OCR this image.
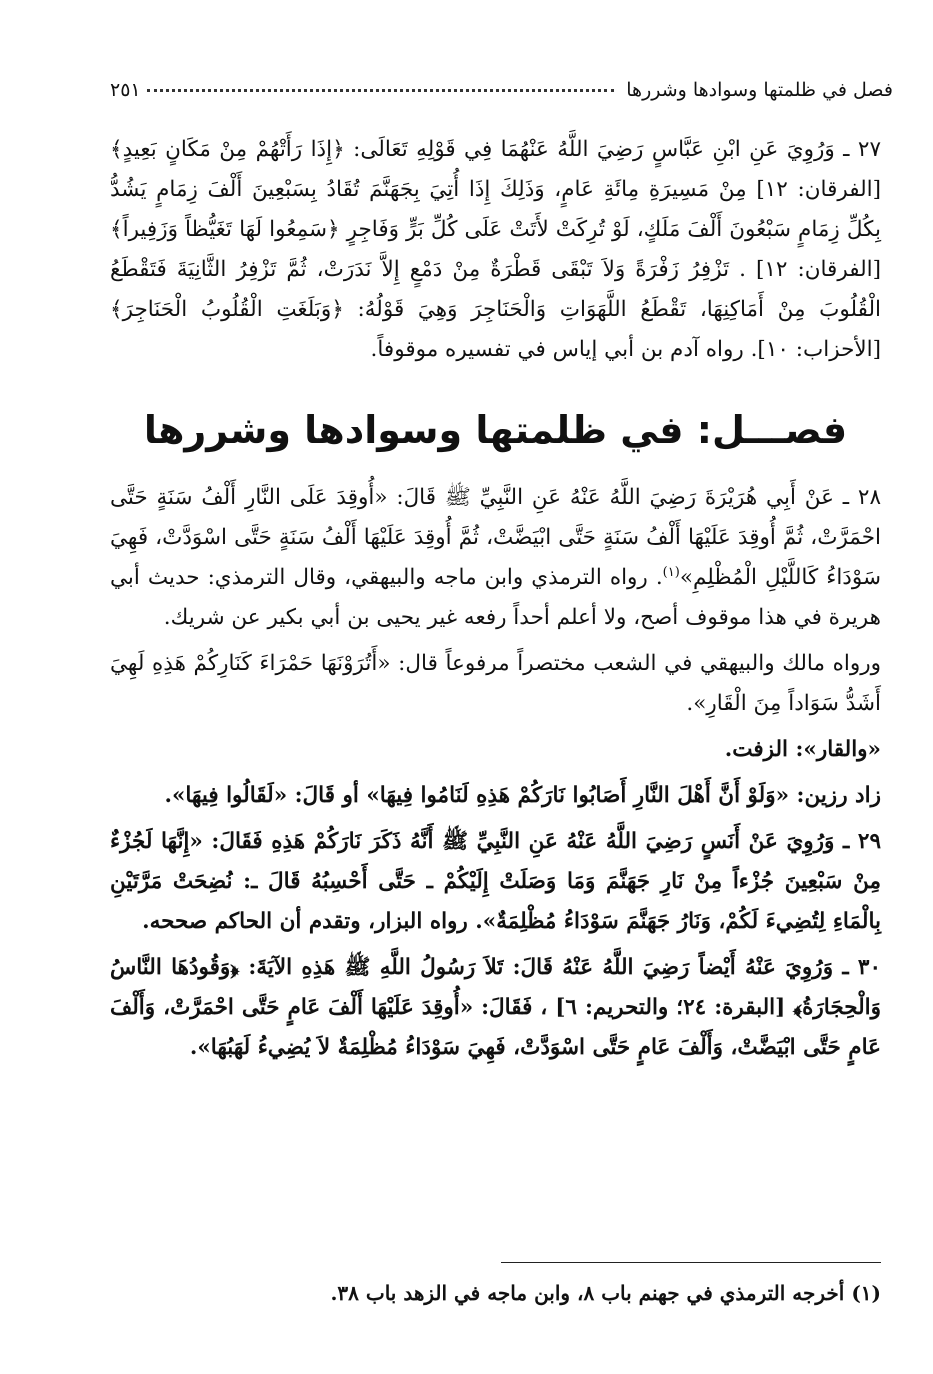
فصل في ظلمتها وسوادها وشررها
٢٥١

٢٧ ـ وَرُوِيَ عَنِ ابْنِ عَبَّاسٍ رَضِيَ اللَّهُ عَنْهُمَا فِي قَوْلِهِ تَعَالَى: ﴿إِذَا رَأَتْهُمْ مِنْ مَكَانٍ بَعِيدٍ﴾ [الفرقان: ١٢] مِنْ مَسِيرَةِ مِائَةِ عَامٍ، وَذَلِكَ إِذَا أُتِيَ بِجَهَنَّمَ تُقَادُ بِسَبْعِينَ أَلْفَ زِمَامٍ يَشُدُّ بِكُلِّ زِمَامٍ سَبْعُونَ أَلْفَ مَلَكٍ، لَوْ تُرِكَتْ لأَتَتْ عَلَى كُلِّ بَرٍّ وَفَاجِرٍ ﴿سَمِعُوا لَهَا تَغَيُّظاً وَزَفِيراً﴾ [الفرقان: ١٢] . تَزْفِرُ زَفْرَةً وَلاَ تَبْقَى قَطْرَةٌ مِنْ دَمْعٍ إِلاَّ نَدَرَتْ، ثُمَّ تَزْفِرُ الثَّانِيَةَ فَتَقْطَعُ الْقُلُوبَ مِنْ أَمَاكِنِهَا، تَقْطَعُ اللَّهَوَاتِ وَالْحَنَاجِرَ وَهِيَ قَوْلُهُ: ﴿وَبَلَغَتِ الْقُلُوبُ الْحَنَاجِرَ﴾ [الأحزاب: ١٠]. رواه آدم بن أبي إياس في تفسيره موقوفاً.

فصـــل: في ظلمتها وسوادها وشررها

٢٨ ـ عَنْ أَبِي هُرَيْرَةَ رَضِيَ اللَّهُ عَنْهُ عَنِ النَّبِيِّ ﷺ قَالَ: «أُوقِدَ عَلَى النَّارِ أَلْفُ سَنَةٍ حَتَّى احْمَرَّتْ، ثُمَّ أُوقِدَ عَلَيْهَا أَلْفُ سَنَةٍ حَتَّى ابْيَضَّتْ، ثُمَّ أُوقِدَ عَلَيْهَا أَلْفُ سَنَةٍ حَتَّى اسْوَدَّتْ، فَهِيَ سَوْدَاءُ كَاللَّيْلِ الْمُظْلِمِ»$^{(١)}$. رواه الترمذي وابن ماجه والبيهقي، وقال الترمذي: حديث أبي هريرة في هذا موقوف أصح، ولا أعلم أحداً رفعه غير يحيى بن أبي بكير عن شريك.

ورواه مالك والبيهقي في الشعب مختصراً مرفوعاً قال: «أَتُرَوْنَهَا حَمْرَاءَ كَنَارِكُمْ هَذِهِ لَهِيَ أَشَدُّ سَوَاداً مِنَ الْقَارِ».

«والقار»: الزفت.

زاد رزين: «وَلَوْ أَنَّ أَهْلَ النَّارِ أَصَابُوا نَارَكُمْ هَذِهِ لَنَامُوا فِيهَا» أو قَالَ: «لَقَالُوا فِيهَا».

٢٩ ـ وَرُوِيَ عَنْ أَنَسٍ رَضِيَ اللَّهُ عَنْهُ عَنِ النَّبِيِّ ﷺ أَنَّهُ ذَكَرَ نَارَكُمْ هَذِهِ فَقَالَ: «إِنَّهَا لَجُزْءٌ مِنْ سَبْعِينَ جُزْءاً مِنْ نَارِ جَهَنَّمَ وَمَا وَصَلَتْ إِلَيْكُمْ ـ حَتَّى أَحْسِبُهُ قَالَ ـ: نُضِحَتْ مَرَّتَيْنِ بِالْمَاءِ لِتُضِيءَ لَكُمْ، وَنَارُ جَهَنَّمَ سَوْدَاءُ مُظْلِمَةٌ». رواه البزار، وتقدم أن الحاكم صححه.

٣٠ ـ وَرُوِيَ عَنْهُ أَيْضاً رَضِيَ اللَّهُ عَنْهُ قَالَ: تَلاَ رَسُولُ اللَّهِ ﷺ هَذِهِ الآيَةَ: ﴿وَقُودُهَا النَّاسُ وَالْحِجَارَةُ﴾ [البقرة: ٢٤؛ والتحريم: ٦] ، فَقَالَ: «أُوقِدَ عَلَيْهَا أَلْفَ عَامٍ حَتَّى احْمَرَّتْ، وَأَلْفَ عَامٍ حَتَّى ابْيَضَّتْ، وَأَلْفَ عَامٍ حَتَّى اسْوَدَّتْ، فَهِيَ سَوْدَاءُ مُظْلِمَةٌ لاَ يُضِيءُ لَهَبُهَا».

(١) أخرجه الترمذي في جهنم باب ٨، وابن ماجه في الزهد باب ٣٨.
